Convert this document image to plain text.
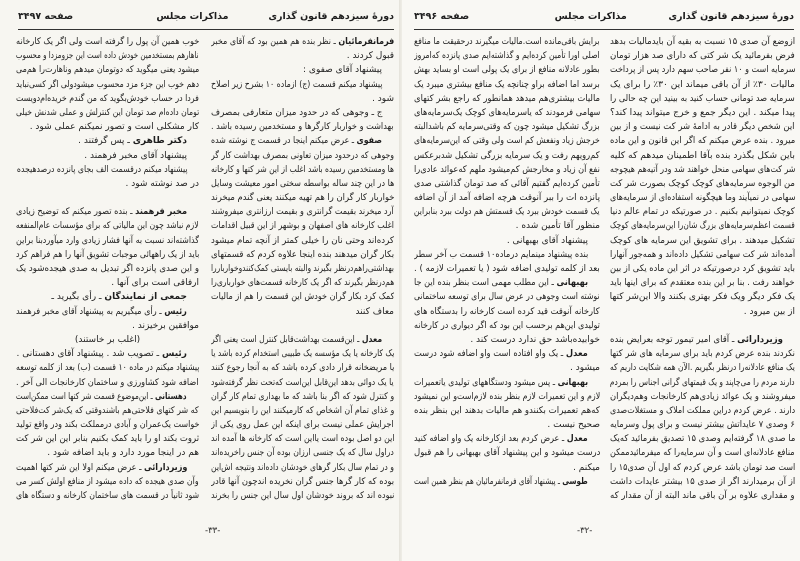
دورهٔ سیزدهم قانون گذاری
مذاکرات مجلس
صفحه ۳۴۹۷
فرمانفرمائیان ـ نظر بنده هم همین بود که آقای مخبر
قبول کردند .
پیشنهاد آقای صفوی :
پیشنهاد میکنم قسمت (ج) ازماده ۱۰ بشرح زیر اصلاح
شود .
ج ـ وجوهی که در حدود میزان متعارفی بمصرف
بهداشت و خواربار کارگرها و مستخدمین رسیده باشد .
صفوی ـ عرض میکنم اینجا در قسمت ج نوشته شده
وجوهی که درحدود میزان تعاونی بمصرف بهداشت کار گر
ها ومستخدمین رسیده باشد اغلب از این شر کتها و کارخانه
ها در این چند ساله بواسطه سختی امور معیشت وسایل
خواربار کار گران را هم تهیه میکنند یعنی گندم میخرند
آرد میخرند بقیمت گرانتری و بقیمت ارزانتری میفروشند
اغلب کارخانه های اصفهان و بوشهر از این قبیل اقدامات
کرده‌اند وحتی نان را خیلی کمتر از آنچه تمام میشود
بکار گران میدهند بنده اینجا علاوه کردم که قسمتهای
بهداشتی‌راهم‌درنظر بگیرند والبته بایستی کمک‌کنندوخواربار‌را
هم‌درنظر بگیرند که اگر یک کارخانه قسمت‌های خوارباری‌را
کمک کرد بکار گران خودش این قسمت را هم از مالیات
معاف کنند
معدل ـ این‌قسمت بهداشت‌قابل کنترل است یعنی اگر
یک کارخانه یا یک مؤسسه یک طبیبی استخدام کرده باشد یا
یا مریضخانه قرار دادی کرده باشد که به آنجا رجوع کنند
یا یک دوائی بدهد این‌قابل این‌است که‌تحت نظر گرفته‌شود
و کنترل شود که اگر بنا باشد که ما بهداری تمام کار گران
و غذای تمام آن اشخاص که کارمیکنند این را بنویسیم این
اجرایش عملی نیست برای اینکه این عمل روی یکی از
این دو اصل بوده است یااین است که کارخانه ها آمده اند
دراول سال که یک جنسی ارزان بوده آن جنس راخریده‌اند
و در تمام سال بکار گرهای خودشان داده‌اند ونتیجه اش‌این
بوده که کار گرها جنس گران نخریده اندچون آنها قادر
نبوده اند که بروند خودشان اول سال این جنس را بخرند
خوب همین آن پول را گرفته است ولی اگر یک کارخانه
ناهارهم بمستخدمین خودش داده است این جزومزدا و محسوب
میشود یعنی میگوید که دوتومان میدهم وناهارت‌را هم‌می
دهم خوب این جزء مزد محسوب میشودولی اگر کسی‌نباید
فردا در حساب خودش‌بگوید که من گندم خریده‌ام‌دویست
تومان داده‌ام صد تومان این کنترلش و عملی شدنش خیلی
کار مشکلی است و تصور نمیکنم عملی شود .
دکتر طاهری ـ پس گرفتند .
پیشنهاد آقای مخبر فرهمند .
پیشنهاد میکنم درقسمت الف بجای پانزده درصدهیجده
در صد نوشته شود .
مخبر فرهمند ـ بنده تصور میکنم که توضیح زیادی
لازم نباشد چون این مالیاتی که برای مؤسسات عام‌المنفعه
گذاشته‌اند نسبت به آنها فشار زیادی وارد میآوردبنا براین
باید از یک راههائی موجبات تشویق آنها را هم فراهم کرد
و این صدی پانزده اگر تبدیل به صدی هیجده‌شود یک
ارفاقی است برای آنها .
جمعی از نمایندگان ـ رأی بگیرید ـ
رئیس ـ رأی میگیریم به پیشنهاد آقای مخبر فرهمند
موافقین برخیزند .
(اغلب بر خاستند)
رئیس ـ تصویب شد . پیشنهاد آقای دهستانی .
پیشنهاد میکنم در ماده ۱۰ قسمت (ب) بعد از کلمه توسعه
اضافه شود کشاورزی و ساختمان کارخانجات الی آخر .
دهستانی ـ این‌موضوع قسمت شر کتها است ممکن‌است
که شر کتهای فلاحتی‌هم باشندوقتی که یک‌شر کت‌فلاحتی
خواست یک‌عمران و آبادی درمملکت بکند ودر واقع تولید
ثروت بکند او را باید کمک بکنیم بنابر این این شر کت
هم در اینجا مورد دارد و باید اضافه شود .
وزیردارائی ـ عرض میکنم اولا این شر کتها اهمیت
وآن صدی هیجده که داده میشود از منافع اولش کسر می
شود ثانیاً در قسمت های ساختمان کارخانه و دستگاه های
-۳۳-
دورهٔ سیزدهم قانون گذاری
مذاکرات مجلس
صفحه ۳۴۹۶
ازوضع آن صدی ۱۵ نسبت به بقیه آن باید‌مالیات بدهد
فرض بفرمائید یک شر کتی که دارای صد هزار تومان
سرمایه است و ۱۰ نفر صاحب سهم دارد پس از پرداخت
مالیات ۳۰٪ از آن باقی میماند این ۳۰٪ را برای یک
سرمایه صد تومانی حساب کنید به بینید این چه حالی را
پیدا میکند . این دیگر جمع و خرج میتواند پیدا کند؟
این شخص دیگر قادر به ادامهٔ شر کت نیست و از بین
میرود . بنده عرض میکنم که اگر این قانون و این ماده
باین شکل بگذرد بنده بآقا اطمینان میدهم که کلیه
شر کت‌های سهامی منحل خواهند شد ودر آتیه‌هم هیچوجه
من الوجوه سرمایه‌های کوچک کوچک بصورت شر کت
سهامی در نمیآیند وما هیچگونه استفاده‌ای از سرمایه‌های
کوچک نمیتوانیم بکنیم . در صورتیکه در تمام عالم دنیا
قسمت اعظم‌سرمایه‌های بزرگ شان‌را این‌سرمایه‌های کوچک
تشکیل میدهند . برای تشویق این سرمایه های کوچک
آمده‌اند شر کت سهامی تشکیل داده‌اند و همه‌جور آنهارا
باید تشویق کرد درصورتیکه در اثر این ماده یکی از بین
خواهند رفت . بنا بر این بنده معتقدم که برای اینها باید
یک فکر دیگر ویک فکر بهتری بکنند والا این‌شر کتها
از بین میرود .
وزیردارائی ـ آقای امیر تیمور توجه بعرایض بنده
نکردند بنده عرض کردم باید برای سرمایه های شر کتها
یک منافع عادلانه‌را درنظر بگیریم .الآن همه شکایت داریم که
دارند مردم را می‌چاپند و یک قیمتهای گرانی اجناس را بمردم
میفروشند و یک عوائد زیادی‌هم کارخانجات وهم‌دیگران
دارند . عرض کردم دراین مملکت املاک و مستغلات‌صدی
۶ وصدی ۷ عایداتش بیشتر نیست و برای پول وسرمایه
ما صدی ۱۸ گرفته‌ایم وصدی ۱۵ تصدیق بفرمائید که‌یک
منافع عادلانه‌ای است و آن سرمایه‌را که میفرمائیدممکن
است صد تومان باشد عرض کردم که اول آن صدی‌۱۵ را
از آن برمیدارند اگر از صدی ۱۵ بیشتر عایدات داشت
و مقداری علاوه بر آن باقی ماند البته از آن مقدار که
برایش باقی‌مانده است.مالیات میگیرند درحقیقت ما منافع
اصلی اورا تأمین کرده‌ایم و گذاشته‌ایم صدی پانزده که‌امروز
بطور عادلانه منافع از برای یک پولی است او بساید بهش
برسد اما اضافه براو چنانچه یک منافع بیشتری میبرد یک
مالیات بیشتری‌هم میدهد همانطور که راجع بشر کتهای
سهامی فرمودند که یاسرمایه‌های کوچک یک‌سرمایه‌های
بزرگ تشکیل میشود چون که وقتی‌سرمایه کم باشدالبته
خرجش زیاد ونفعش کم است ولی وقتی که این‌سرمایه‌های
کم‌رویهم رفت و یک سرمایه بزرگی تشکیل شدبرعکس
نفع آن زیاد و مخارجش کم‌میشود ملهم که‌عوائد عادی‌را
تأمین کرده‌ایم گفتیم آقائی که صد تومان گذاشتی صدی
پانزده ات را ببر آنوقت هرچه اضافه آمد از آن اضافه
یک قسمت خودش ببرد یک قسمتش هم دولت ببرد بنابراین
منظور آقا تأمین شده .
پیشنهاد آقای بهبهانی .
بنده پیشنهاد مینمایم درماده۱۰ قسمت ب آخر سطر
بعد از کلمه تولیدی اضافه شود ( یا تعمیرات لازمه ) .
بهبهانی ـ این مطلب مهمی است بنظر بنده این جا
نوشته است وجوهی در عرض سال برای توسعه ساختمانی
کارخانه آنوقت قید کرده است کارخانه را بدستگاه های
تولیدی این‌هم برحسب این بود که اگر دیواری در کارخانه
خوابیده‌باشد حق ندارد درست کند .
معدل ـ یک واو افتاده است واو اضافه شود درست
میشود .
بهبهانی ـ پس میشود ودستگاههای تولیدی یاتعمیرات
لازم و این تعمیرات لازم بنظر بنده لازم‌است‌و این نمیشود
که‌هم تعمیرات بکنندو هم مالیات بدهند این بنظر بنده
صحیح نیست .
معدل ـ عرض کردم بعد ازکارخانه یک واو اضافه کنید
درست میشود و این پیشنهاد آقای بهبهانی را هم قبول
میکنم .
طوسی ـ پیشنهاد آقای فرمانفرمائیان هم بنظر همین است
-۳۲-
